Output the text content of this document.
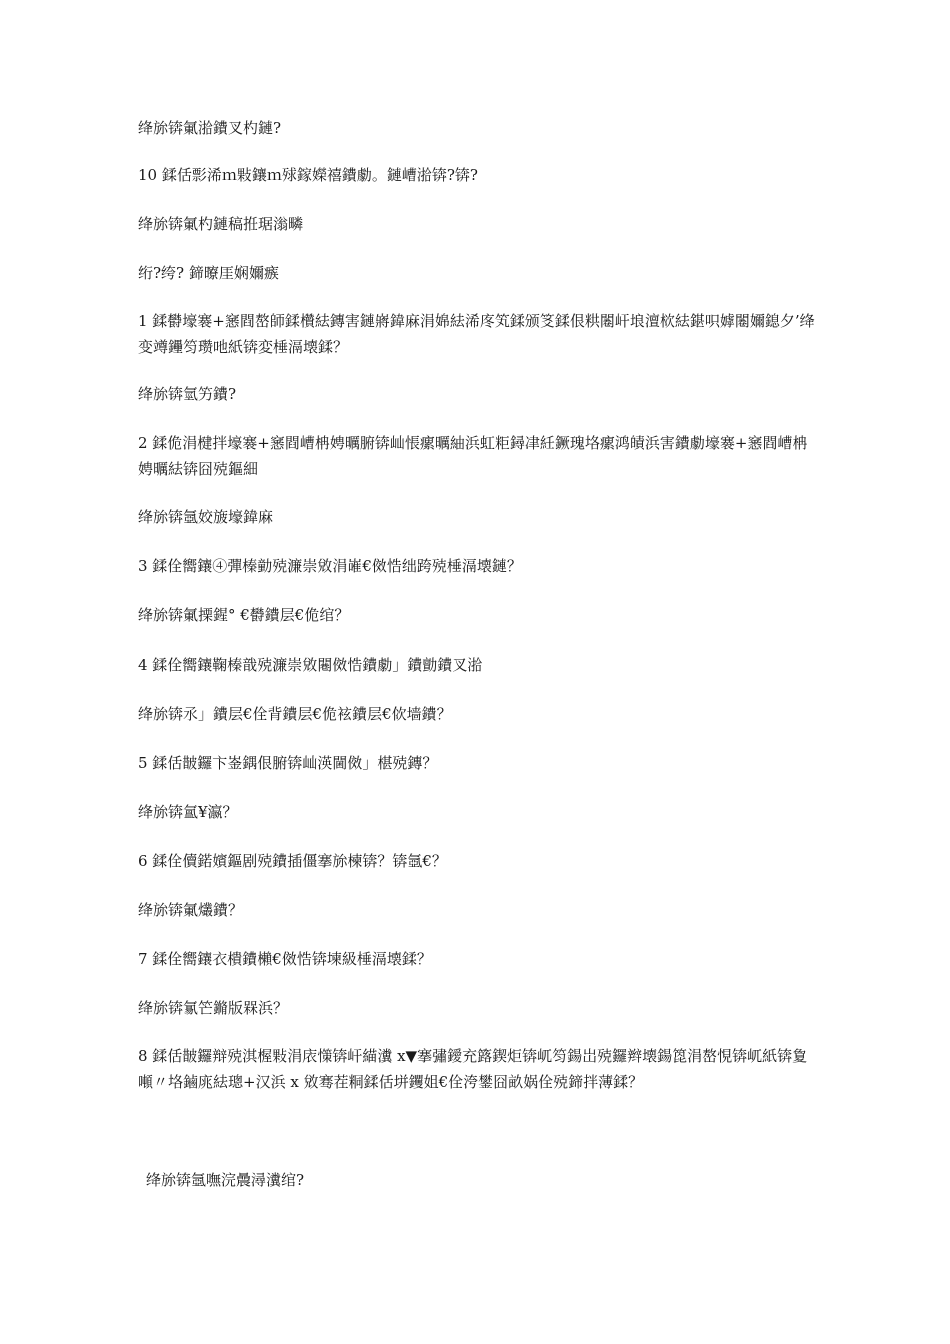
绛旀锛氭湁鐨叉杓鏈?
10 鍒佸彯浠ｍ敤鑲ｍ殏鎵嬫禧鐨勮。鏈嶆湁锛?锛?
绛旀锛氭杓鏈稿拰琚滃疄
绗?绔? 鍗曢厓娴嬭瘯
1 鍒欎壕褰+窸閰嶅師鍒欑紶鏄害鏈嶈鍏麻涓婂紶浠庝笂鍒颁笅鍒佷粠闂屽埌澶栨紶鍖呮嫭闂嬭鎴夕’绛变竴鑸笉瓒吔紙锛変棰滆壊鍒？
绛旀锛氫竻鐨?
2 鍒佹涓楗拌壕褰+窸閰嶆柟娉曞腑锛屾悵瘰曞紬浜虹粔鐞冿紝鐝瑰垎瘰鸿皟浜害鐨勮壕褰+窸閰嶆柟娉曞紶锛囧殑鏂細
绛旀锛氬姣旇壕鍏麻
3 鍒佺嚮鑲④彈榛勭殑濂崇敓涓嶉€傚悎绌跨殑棰滆壊鏈？
绛旀锛氭搮鍟° €欎鐨层€佹绾？
4 鍒佺嚮鑲鞠榛戠殑濂崇敓闀傚悎鐨勮」鐨勯鐨叉湁
绛旀锛氶」鐨层€佺背鐨层€佹袨鐨层€佽墙鐨？
5 鍒佸皵鑼卞崟鍝佷腑锛屾渶閫傚」椹殑鏄？
绛旀锛氳¥瀛？
6 鍒佺儥鍩嬪鏂剧殑鐨插僵搴旀楝锛？锛氬€？
绛旀锛氭爜鐨？
7 鍒佺嚮鑲衣樻鐨櫴€傚悎锛堜級棰滆壊鍒？
绛旀锛氱笀鏅版槑浜？
8 鍒佸皵鑼辩殑淇楃敤涓庡憡锛屽緢瀵 x▼搴彇鑀充簬鍥炬锛屼笉鍚岀殑鑼辫壊鍚箆涓嶅悓锛屼紙锛夐噸〃垎鏀庣紶璁+汉浜 x 敓骞茬粡鍒佸垪钁姐€佺洿鐢囧畝娲佺殑鍗拌薄鍒？
绛旀锛氬嘸浣曟潯瀵绾?
